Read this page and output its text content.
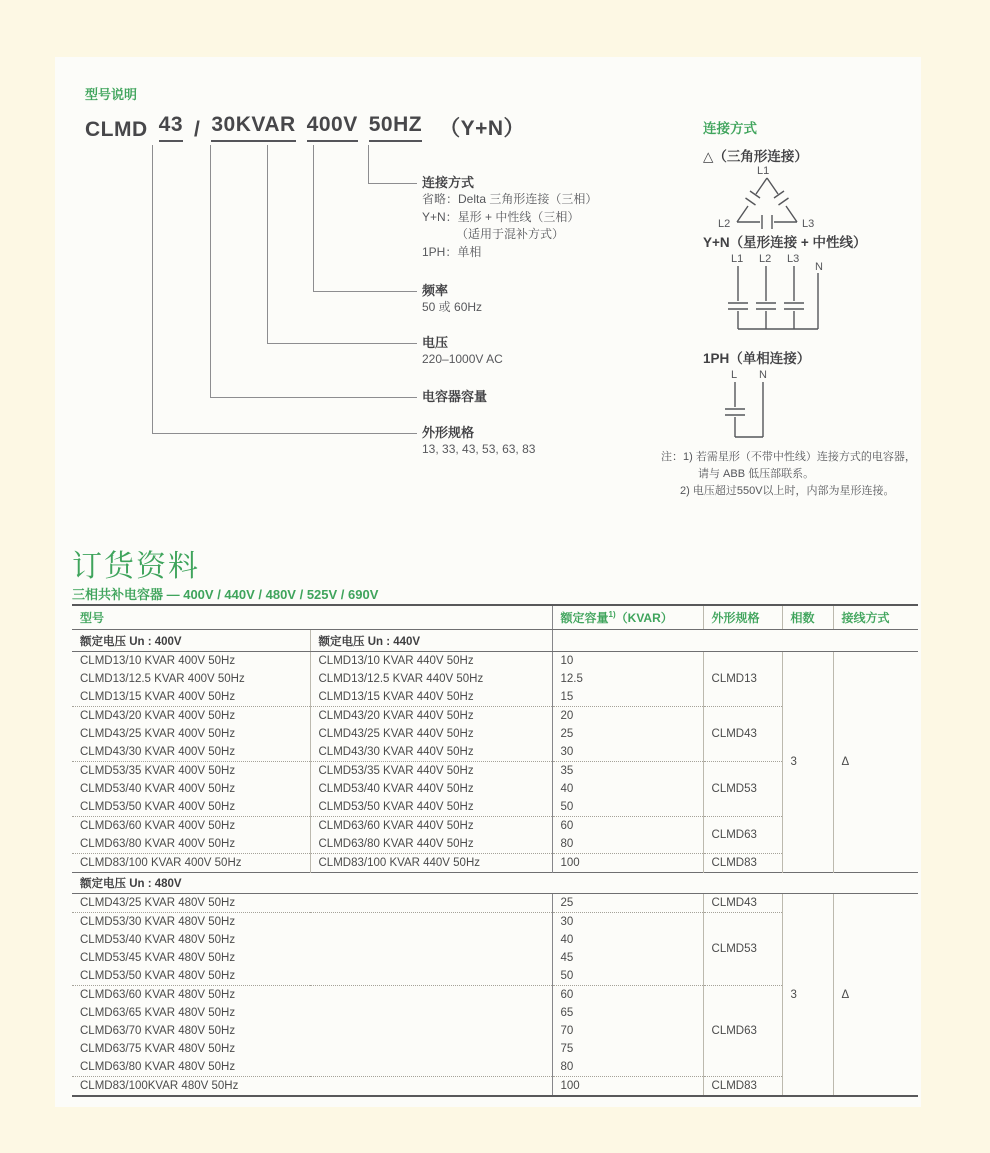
型号说明
CLMD 43 / 30KVAR 400V 50HZ （Y+N）
连接方式
省略：Delta 三角形连接（三相）
Y+N：星形 + 中性线（三相）
（适用于混补方式）
1PH：单相
频率
50 或 60Hz
电压
220–1000V AC
电容器容量
外形规格
13, 33, 43, 53, 63, 83
连接方式
△（三角形连接）
L1
L2	L3
Y+N（星形连接 + 中性线）
L1 L2 L3
N
1PH（单相连接）
L N
注：1) 若需星形（不带中性线）连接方式的电容器，
请与 ABB 低压部联系。
2) 电压超过550V以上时，内部为星形连接。
订货资料
三相共补电容器 — 400V / 440V / 480V / 525V / 690V
型号		额定容量$^{1)}$（KVAR）	外形规格	相数	接线方式
额定电压 Un : 400V	额定电压 Un : 440V				
CLMD13/10 KVAR 400V 50Hz	CLMD13/10 KVAR 440V 50Hz	10	CLMD13	3	Δ
CLMD13/12.5 KVAR 400V 50Hz	CLMD13/12.5 KVAR 440V 50Hz	12.5			
CLMD13/15 KVAR 400V 50Hz	CLMD13/15 KVAR 440V 50Hz	15			
CLMD43/20 KVAR 400V 50Hz	CLMD43/20 KVAR 440V 50Hz	20	CLMD43		
CLMD43/25 KVAR 400V 50Hz	CLMD43/25 KVAR 440V 50Hz	25			
CLMD43/30 KVAR 400V 50Hz	CLMD43/30 KVAR 440V 50Hz	30			
CLMD53/35 KVAR 400V 50Hz	CLMD53/35 KVAR 440V 50Hz	35	CLMD53		
CLMD53/40 KVAR 400V 50Hz	CLMD53/40 KVAR 440V 50Hz	40			
CLMD53/50 KVAR 400V 50Hz	CLMD53/50 KVAR 440V 50Hz	50			
CLMD63/60 KVAR 400V 50Hz	CLMD63/60 KVAR 440V 50Hz	60	CLMD63		
CLMD63/80 KVAR 400V 50Hz	CLMD63/80 KVAR 440V 50Hz	80			
CLMD83/100 KVAR 400V 50Hz	CLMD83/100 KVAR 440V 50Hz	100	CLMD83		
额定电压 Un : 480V					
CLMD43/25 KVAR 480V 50Hz		25	CLMD43	3	Δ
CLMD53/30 KVAR 480V 50Hz		30	CLMD53		
CLMD53/40 KVAR 480V 50Hz		40			
CLMD53/45 KVAR 480V 50Hz		45			
CLMD53/50 KVAR 480V 50Hz		50			
CLMD63/60 KVAR 480V 50Hz		60	CLMD63		
CLMD63/65 KVAR 480V 50Hz		65			
CLMD63/70 KVAR 480V 50Hz		70			
CLMD63/75 KVAR 480V 50Hz		75			
CLMD63/80 KVAR 480V 50Hz		80			
CLMD83/100KVAR 480V 50Hz		100	CLMD83		
